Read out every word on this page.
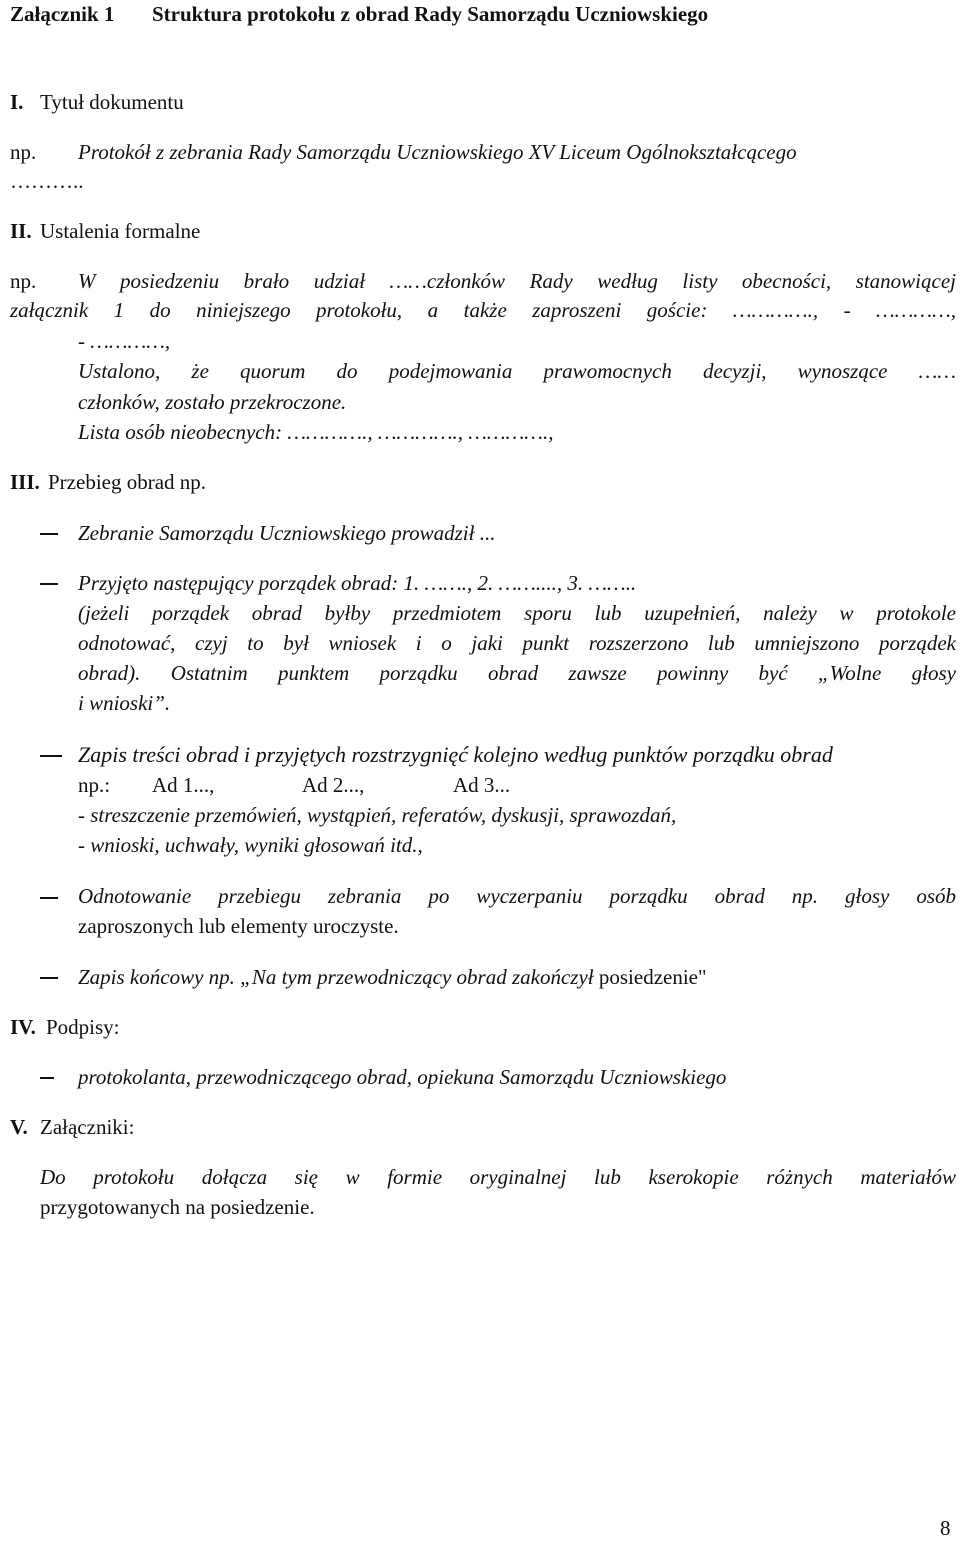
Załącznik 1 Struktura protokołu z obrad Rady Samorządu Uczniowskiego
I. Tytuł dokumentu
np. Protokół z zebrania Rady Samorządu Uczniowskiego XV Liceum Ogólnokształcącego
………..
II. Ustalenia formalne
np. W posiedzeniu brało udział ……członków Rady według listy obecności, stanowiącej
załącznik 1 do niniejszego protokołu, a także zaproszeni goście: …………., - …………,
- …………,
Ustalono, że quorum do podejmowania prawomocnych decyzji, wynoszące ……
członków, zostało przekroczone.
Lista osób nieobecnych: …………., …………., ………….,
III. Przebieg obrad np.
Zebranie Samorządu Uczniowskiego prowadził ...
Przyjęto następujący porządek obrad: 1. ……., 2. ……...., 3. ……..
(jeżeli porządek obrad byłby przedmiotem sporu lub uzupełnień, należy w protokole
odnotować, czyj to był wniosek i o jaki punkt rozszerzono lub umniejszono porządek
obrad). Ostatnim punktem porządku obrad zawsze powinny być „Wolne głosy
i wnioski”.
Zapis treści obrad i przyjętych rozstrzygnięć kolejno według punktów porządku obrad
np.: Ad 1...,	Ad 2...,	Ad 3...
- streszczenie przemówień, wystąpień, referatów, dyskusji, sprawozdań,
- wnioski, uchwały, wyniki głosowań itd.,
Odnotowanie przebiegu zebrania po wyczerpaniu porządku obrad np. głosy osób
zaproszonych lub elementy uroczyste.
Zapis końcowy np. „Na tym przewodniczący obrad zakończył posiedzenie"
IV. Podpisy:
protokolanta, przewodniczącego obrad, opiekuna Samorządu Uczniowskiego
V. Załączniki:
Do protokołu dołącza się w formie oryginalnej lub kserokopie różnych materiałów
przygotowanych na posiedzenie.
8
